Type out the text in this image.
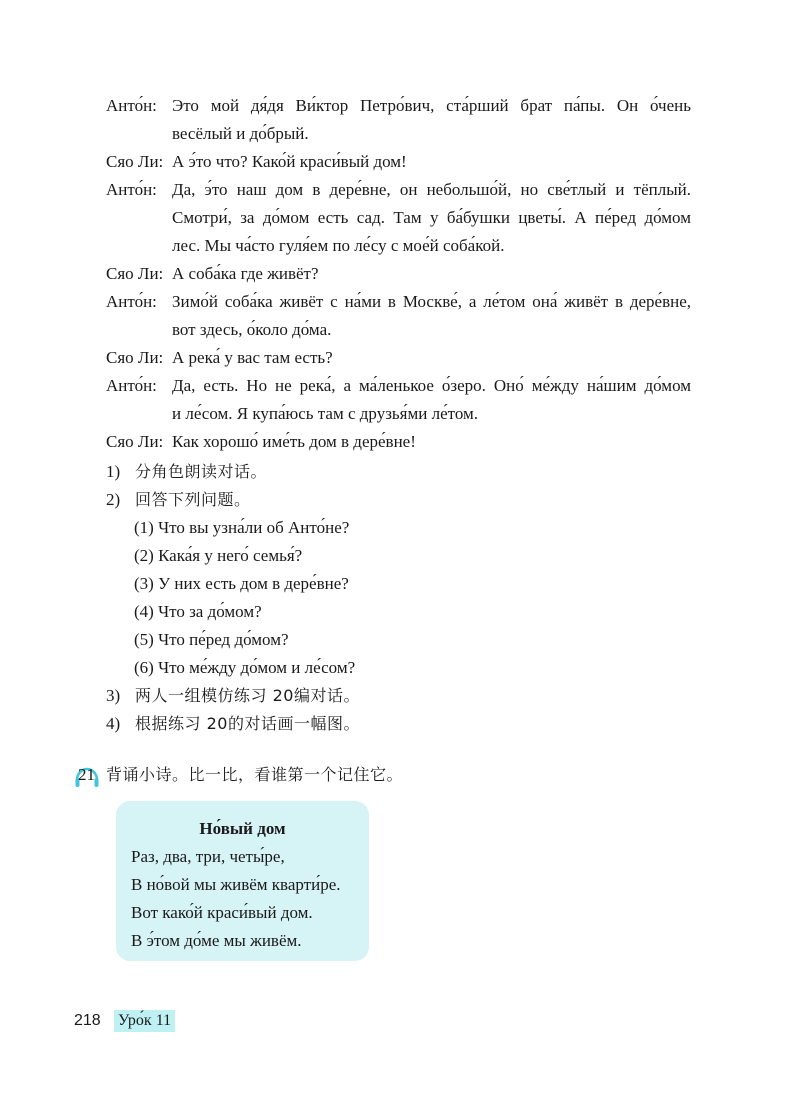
Анто́н: Это мой дя́дя Ви́ктор Петро́вич, ста́рший брат па́пы. Он о́чень
весёлый и до́брый.
Сяо Ли: А э́то что? Како́й краси́вый дом!
Анто́н: Да, э́то наш дом в дере́вне, он небольшо́й, но све́тлый и тёплый.
Смотри́, за до́мом есть сад. Там у ба́бушки цветы́. А пе́ред до́мом
лес. Мы ча́сто гуля́ем по ле́су с мое́й соба́кой.
Сяо Ли: А соба́ка где живёт?
Анто́н: Зимо́й соба́ка живёт с на́ми в Москве́, а ле́том она́ живёт в дере́вне,
вот здесь, о́коло до́ма.
Сяо Ли: А река́ у вас там есть?
Анто́н: Да, есть. Но не река́, а ма́ленькое о́зеро. Оно́ ме́жду на́шим до́мом
и ле́сом. Я купа́юсь там с друзья́ми ле́том.
Сяо Ли: Как хорошо́ име́ть дом в дере́вне!
1) 分角色朗读对话。
2) 回答下列问题。
(1) Что вы узна́ли об Анто́не?
(2) Кака́я у него́ семья́?
(3) У них есть дом в дере́вне?
(4) Что за до́мом?
(5) Что пе́ред до́мом?
(6) Что ме́жду до́мом и ле́сом?
3) 两人一组模仿练习 20编对话。
4) 根据练习 20的对话画一幅图。
21 背诵小诗。比一比，看谁第一个记住它。
Но́вый дом
Раз, два, три, четы́ре,
В но́вой мы живём кварти́ре.
Вот како́й краси́вый дом.
В э́том до́ме мы живём.
218 Уро́к 11
